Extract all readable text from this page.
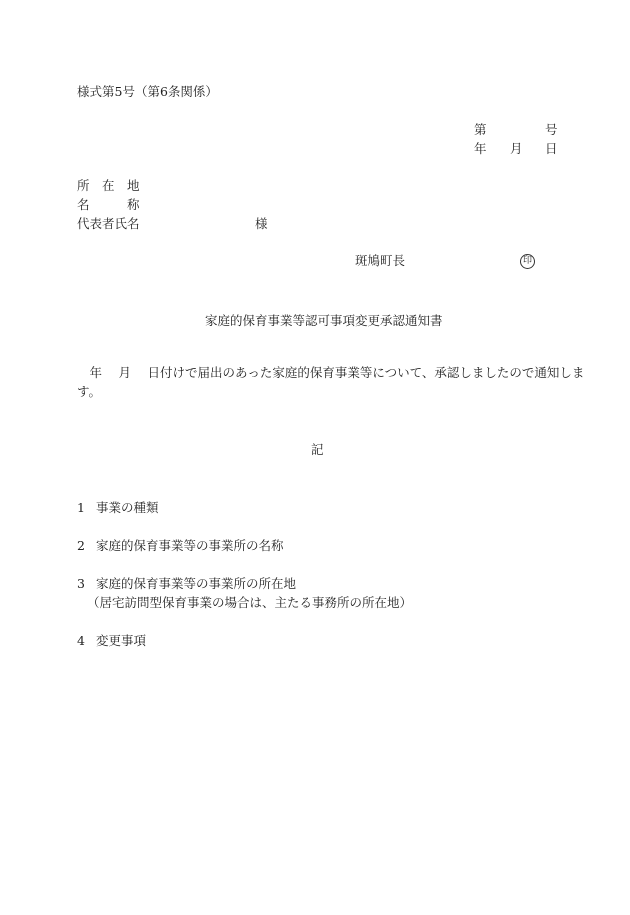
様式第5号（第6条関係）
第	号
年 月 日
所　在　地
名　　　称
代表者氏名	様
斑鳩町長	印
家庭的保育事業等認可事項変更承認通知書
　年　 月　 日付けで届出のあった家庭的保育事業等について、承認しましたので通知しま
す。
記
1 事業の種類
2 家庭的保育事業等の事業所の名称
3 家庭的保育事業等の事業所の所在地
（居宅訪問型保育事業の場合は、主たる事務所の所在地）
4 変更事項
